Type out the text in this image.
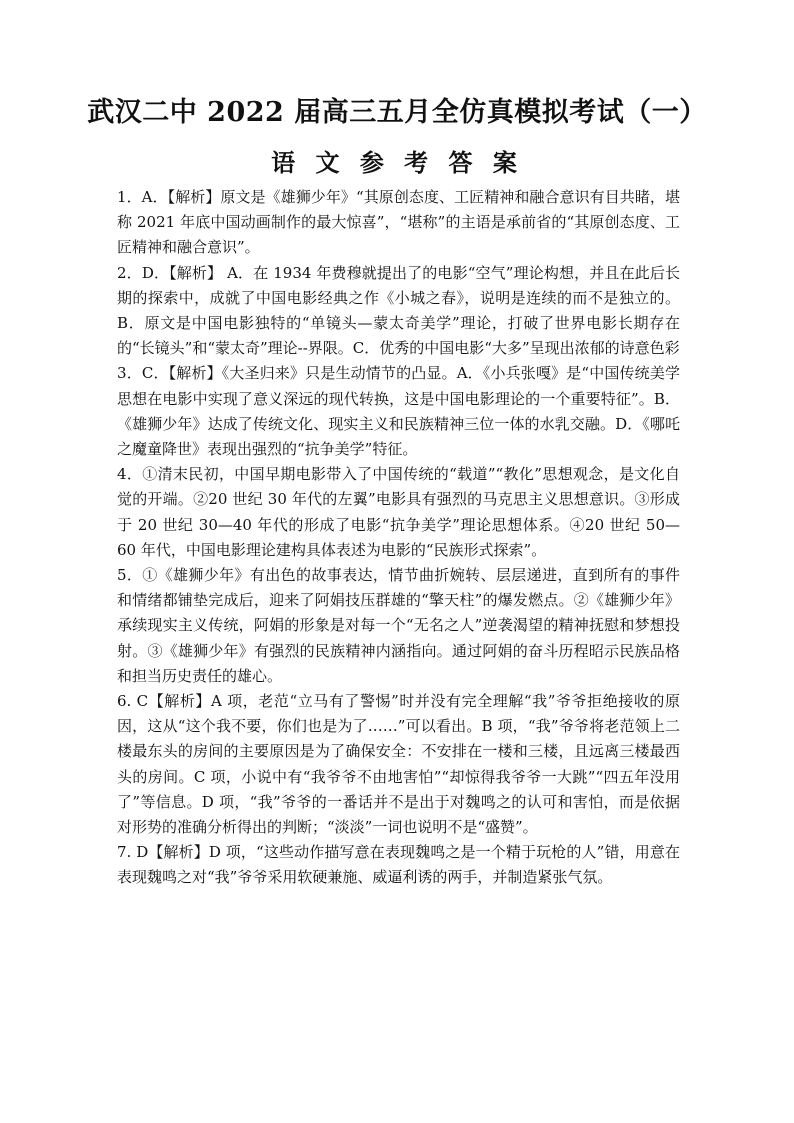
武汉二中 2022 届高三五月全仿真模拟考试（一）
语 文 参 考 答 案

1．A．【解析】原文是《雄狮少年》“其原创态度、工匠精神和融合意识有目共睹，堪称 2021 年底中国动画制作的最大惊喜”，“堪称”的主语是承前省的“其原创态度、工匠精神和融合意识”。

2．D．【解析】 A．在 1934 年费穆就提出了的电影“空气”理论构想，并且在此后长期的探索中，成就了中国电影经典之作《小城之春》，说明是连续的而不是独立的。B．原文是中国电影独特的“单镜头—蒙太奇美学”理论，打破了世界电影长期存在的“长镜头”和“蒙太奇”理论--界限。C．优秀的中国电影“大多”呈现出浓郁的诗意色彩

3．C．【解析】《大圣归来》只是生动情节的凸显。A．《小兵张嘎》是“中国传统美学思想在电影中实现了意义深远的现代转换，这是中国电影理论的一个重要特征”。B．《雄狮少年》达成了传统文化、现实主义和民族精神三位一体的水乳交融。D．《哪吒之魔童降世》表现出强烈的“抗争美学”特征。

4．①清末民初，中国早期电影带入了中国传统的“载道”“教化”思想观念，是文化自觉的开端。②20 世纪 30 年代的左翼”电影具有强烈的马克思主义思想意识。③形成于 20 世纪 30—40 年代的形成了电影“抗争美学”理论思想体系。④20 世纪 50—60 年代，中国电影理论建构具体表述为电影的“民族形式探索”。

5．①《雄狮少年》有出色的故事表达，情节曲折婉转、层层递进，直到所有的事件和情绪都铺垫完成后，迎来了阿娟技压群雄的“擎天柱”的爆发燃点。②《雄狮少年》承续现实主义传统，阿娟的形象是对每一个“无名之人”逆袭渴望的精神抚慰和梦想投射。③《雄狮少年》有强烈的民族精神内涵指向。通过阿娟的奋斗历程昭示民族品格和担当历史责任的雄心。

6. C【解析】A 项，老范“立马有了警惕”时并没有完全理解“我”爷爷拒绝接收的原因，这从“这个我不要，你们也是为了……”可以看出。B 项，“我”爷爷将老范领上二楼最东头的房间的主要原因是为了确保安全：不安排在一楼和三楼，且远离三楼最西头的房间。C 项，小说中有“我爷爷不由地害怕”“却惊得我爷爷一大跳”“四五年没用了”等信息。D 项，“我”爷爷的一番话并不是出于对魏鸣之的认可和害怕，而是依据对形势的准确分析得出的判断；“淡淡”一词也说明不是“盛赞”。

7. D【解析】D 项，“这些动作描写意在表现魏鸣之是一个精于玩枪的人”错，用意在表现魏鸣之对“我”爷爷采用软硬兼施、威逼利诱的两手，并制造紧张气氛。
